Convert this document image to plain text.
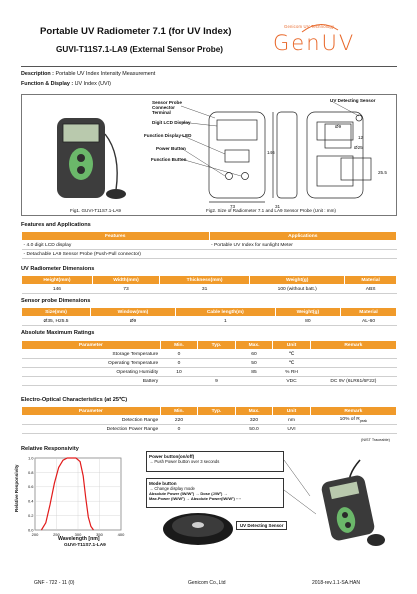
Portable UV Radiometer 7.1 (for UV Index)
GUVI-T11S7.1-LA9 (External Sensor Probe)
Genicom UV Technology
GenUV
Description : Portable UV Index Intensity Measurement
Function & Display : UV Index (UVI)
Sensor Probe Connector Terminal
Digit LCD Display
Function Display LED
Power Button
Function Button
UV Detecting Sensor
146
73
12
Ø25
25.5
31
Ø9
Fig1. GUVI-T11S7.1-LA9	Fig2. Size of Radiometer 7.1 and LA9 Sensor Probe (Unit : mm)
Features and Applications
Features	Applications
- 4.0 digit LCD display	- Portable UV Index for sunlight Meter
- Detachable LA9 Sensor Probe (Push-Pull connector)	
UV Radiometer Dimensions
Height(mm)	Width(mm)	Thickness(mm)	Weight(g)	Material
146	73	31	100 (without batt.)	ABS
Sensor probe Dimensions
Size(mm)	Window(mm)	Cable length(m)	Weight(g)	Material
Ø35, H25.5	Ø9	1	80	AL-60
Absolute Maximum Ratings
Parameter	Min.	Typ.	Max.	Unit	Remark
Storage Temperature	0		60	℃	
Operating Temperature	0		50	℃	
Operating Humidity	10		85	% RH	
Battery		9		VDC	DC 9V (6LR61/6F22)
Electro-Optical Characteristics (at 25℃)
Parameter	Min.	Typ.	Max.	Unit	Remark
Detection Range	220		320	nm	10% of $R_{peak}$
Detection Power Range	0		50.0	UVI	
(NIST Traceable)
Relative Responsivity
200	250	300	350	400
1.0
0.8
0.6
0.4
0.2
0.0
Relative Responsivity
Wavelength [nm]
GUVI-T11S7.1-LA9
Power button(on/off)
→ Push Power button over 3 seconds
Mode button
→ Change display mode
Absolute Power (IW/W²) → Dose (J/W²) →
Max.Power (IW/W²) → Absolute Power(IW/W²) ····
UV Detecting Sensor
GNF - 722 - 11 (0)	Genicom Co.,Ltd	2018-rev.1.1-SA.HAN
